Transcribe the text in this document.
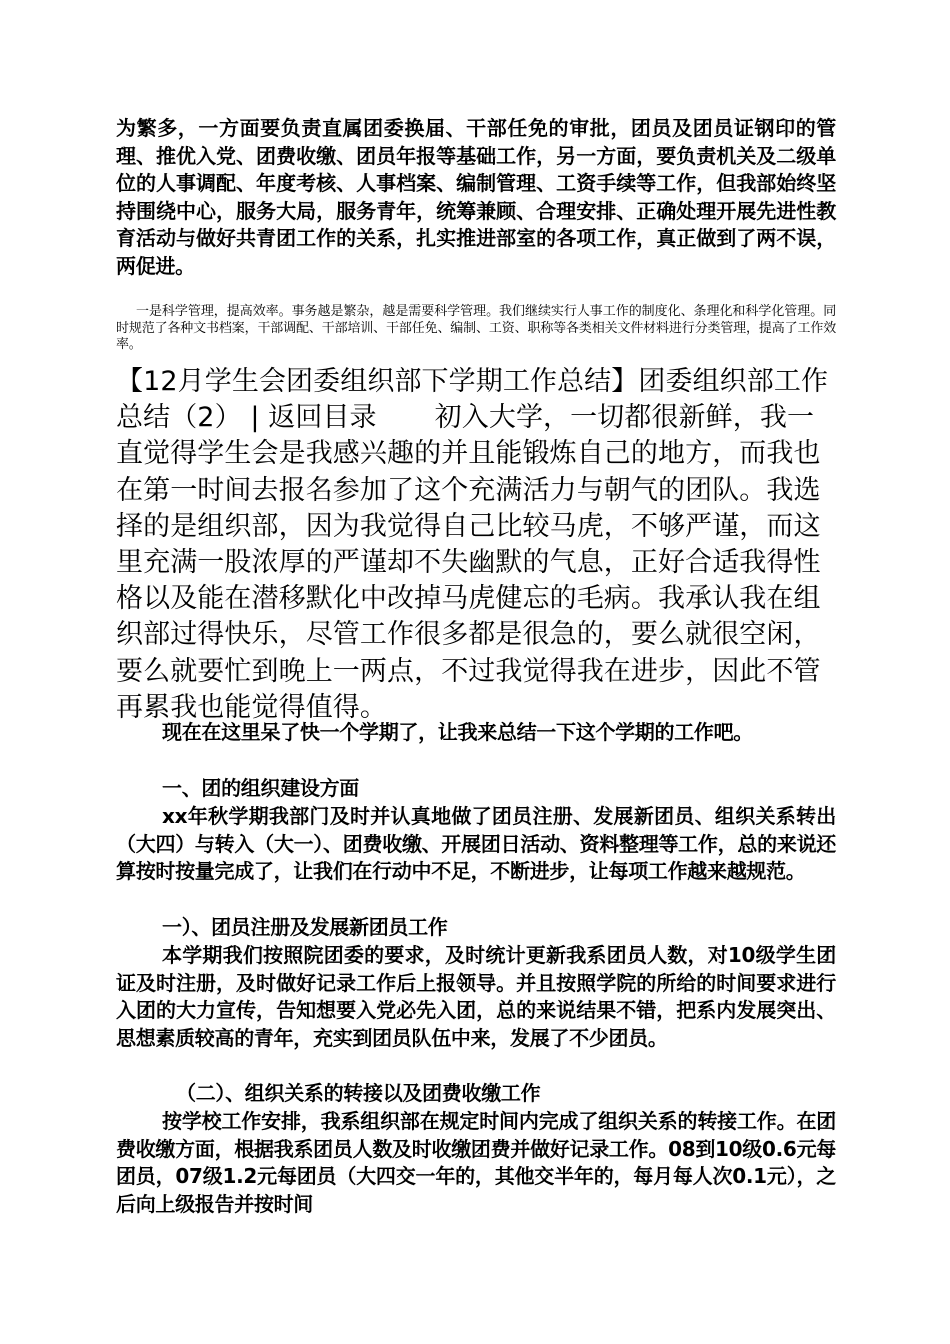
为繁多，一方面要负责直属团委换届、干部任免的审批，团员及团员证钢印的管理、推优入党、团费收缴、团员年报等基础工作，另一方面，要负责机关及二级单位的人事调配、年度考核、人事档案、编制管理、工资手续等工作，但我部始终坚持围绕中心，服务大局，服务青年，统筹兼顾、合理安排、正确处理开展先进性教育活动与做好共青团工作的关系，扎实推进部室的各项工作，真正做到了两不误，两促进。

一是科学管理，提高效率。事务越是繁杂，越是需要科学管理。我们继续实行人事工作的制度化、条理化和科学化管理。同时规范了各种文书档案，干部调配、干部培训、干部任免、编制、工资、职称等各类相关文件材料进行分类管理，提高了工作效率。

【12月学生会团委组织部下学期工作总结】团委组织部工作总结（2） | 返回目录 初入大学，一切都很新鲜，我一直觉得学生会是我感兴趣的并且能锻炼自己的地方，而我也在第一时间去报名参加了这个充满活力与朝气的团队。我选择的是组织部，因为我觉得自己比较马虎，不够严谨，而这里充满一股浓厚的严谨却不失幽默的气息，正好合适我得性格以及能在潜移默化中改掉马虎健忘的毛病。我承认我在组织部过得快乐，尽管工作很多都是很急的，要么就很空闲，要么就要忙到晚上一两点，不过我觉得我在进步，因此不管再累我也能觉得值得。

现在在这里呆了快一个学期了，让我来总结一下这个学期的工作吧。

一、团的组织建设方面

xx年秋学期我部门及时并认真地做了团员注册、发展新团员、组织关系转出（大四）与转入（大一）、团费收缴、开展团日活动、资料整理等工作，总的来说还算按时按量完成了，让我们在行动中不足，不断进步，让每项工作越来越规范。

一）、团员注册及发展新团员工作

本学期我们按照院团委的要求，及时统计更新我系团员人数，对10级学生团证及时注册，及时做好记录工作后上报领导。并且按照学院的所给的时间要求进行入团的大力宣传，告知想要入党必先入团，总的来说结果不错，把系内发展突出、思想素质较高的青年，充实到团员队伍中来，发展了不少团员。

（二）、组织关系的转接以及团费收缴工作

按学校工作安排，我系组织部在规定时间内完成了组织关系的转接工作。在团费收缴方面，根据我系团员人数及时收缴团费并做好记录工作。08到10级0.6元每团员，07级1.2元每团员（大四交一年的，其他交半年的，每月每人次0.1元），之后向上级报告并按时间
